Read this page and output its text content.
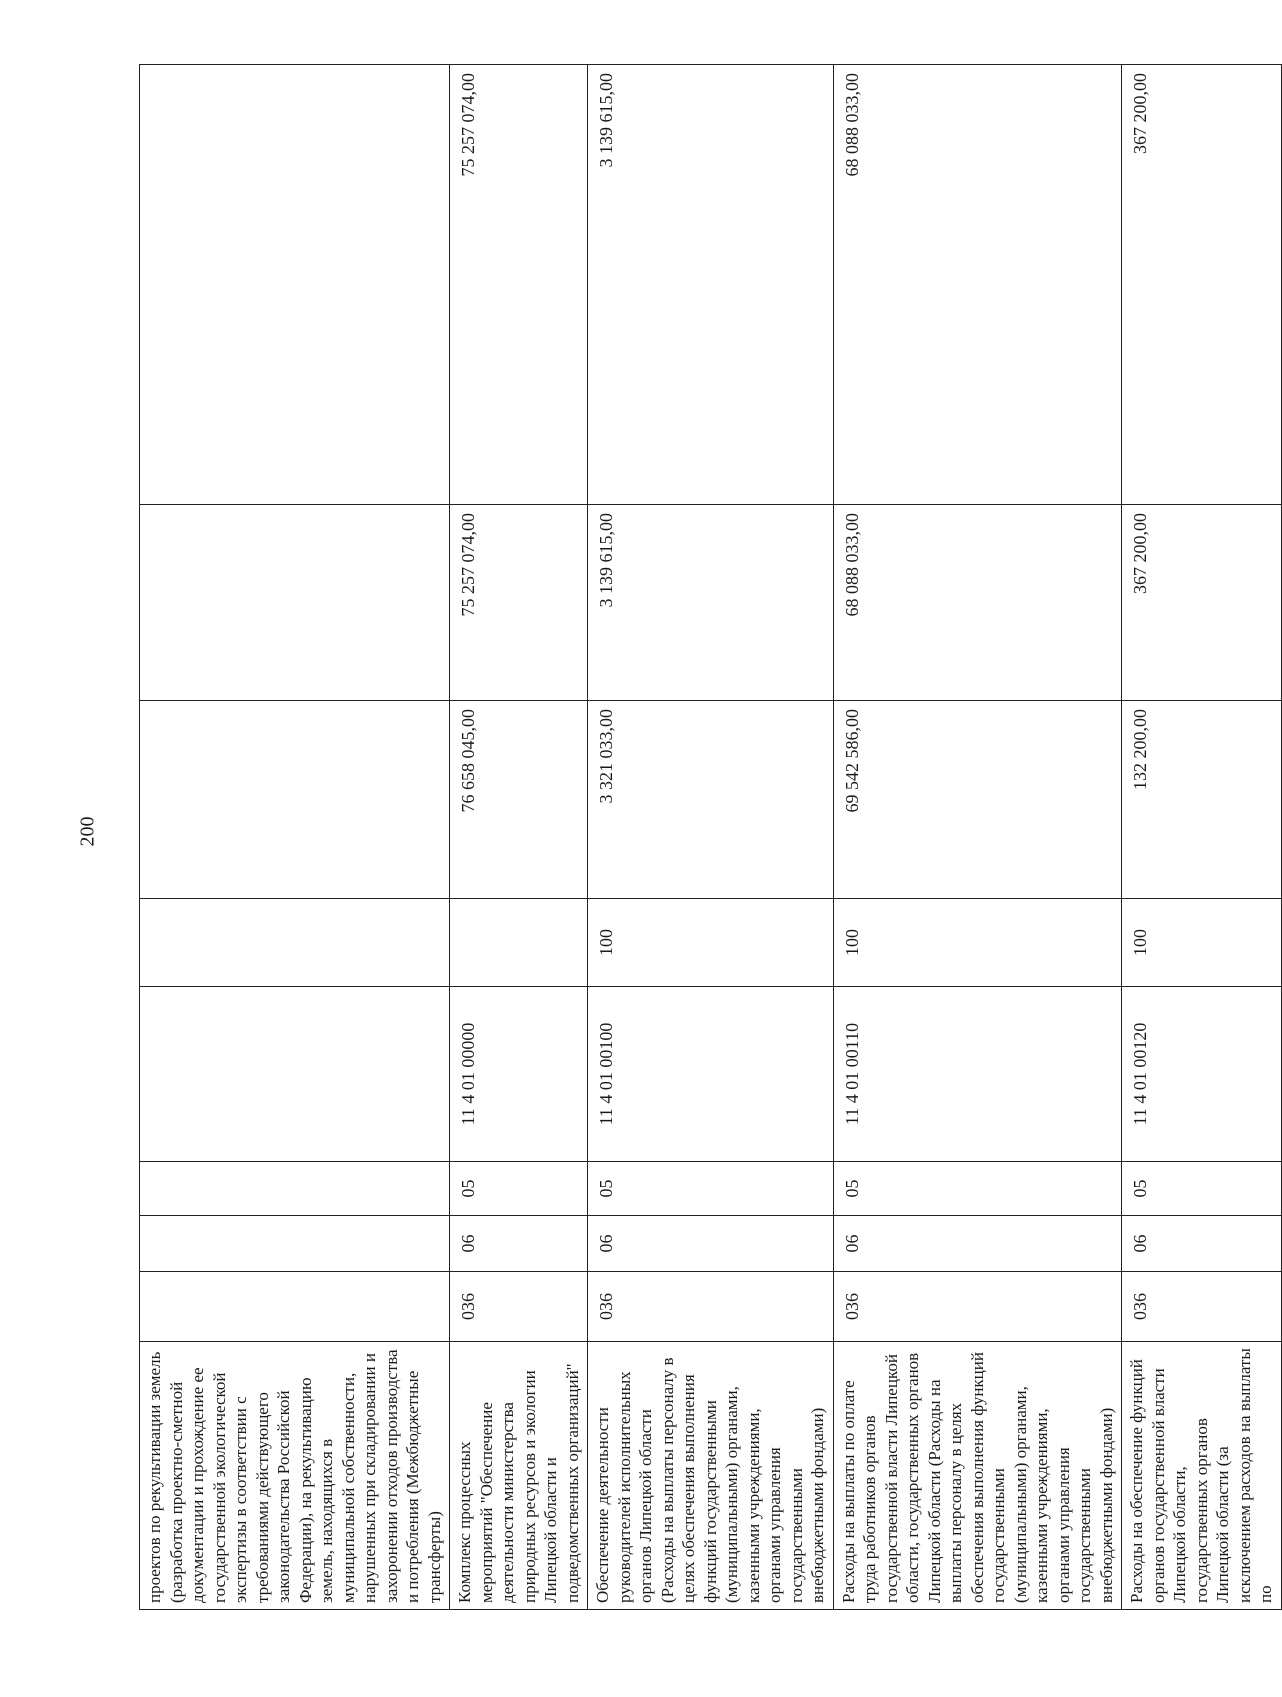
200
проектов по рекультивации земель (разработка проектно-сметной документации и прохождение ее государственной экологической экспертизы в соответствии с требованиями действующего законодательства Российской Федерации), на рекультивацию земель, находящихся в муниципальной собственности, нарушенных при складировании и захоронении отходов производства и потребления (Межбюджетные трансферты)								
Комплекс процессных мероприятий "Обеспечение деятельности министерства природных ресурсов и экологии Липецкой области и подведомственных организаций"	036	06	05	11 4 01 00000		76 658 045,00	75 257 074,00	75 257 074,00
Обеспечение деятельности руководителей исполнительных органов Липецкой области (Расходы на выплаты персоналу в целях обеспечения выполнения функций государственными (муниципальными) органами, казенными учреждениями, органами управления государственными внебюджетными фондами)	036	06	05	11 4 01 00100	100	3 321 033,00	3 139 615,00	3 139 615,00
Расходы на выплаты по оплате труда работников органов государственной власти Липецкой области, государственных органов Липецкой области (Расходы на выплаты персоналу в целях обеспечения выполнения функций государственными (муниципальными) органами, казенными учреждениями, органами управления государственными внебюджетными фондами)	036	06	05	11 4 01 00110	100	69 542 586,00	68 088 033,00	68 088 033,00
Расходы на обеспечение функций органов государственной власти Липецкой области, государственных органов Липецкой области (за исключением расходов на выплаты по	036	06	05	11 4 01 00120	100	132 200,00	367 200,00	367 200,00
